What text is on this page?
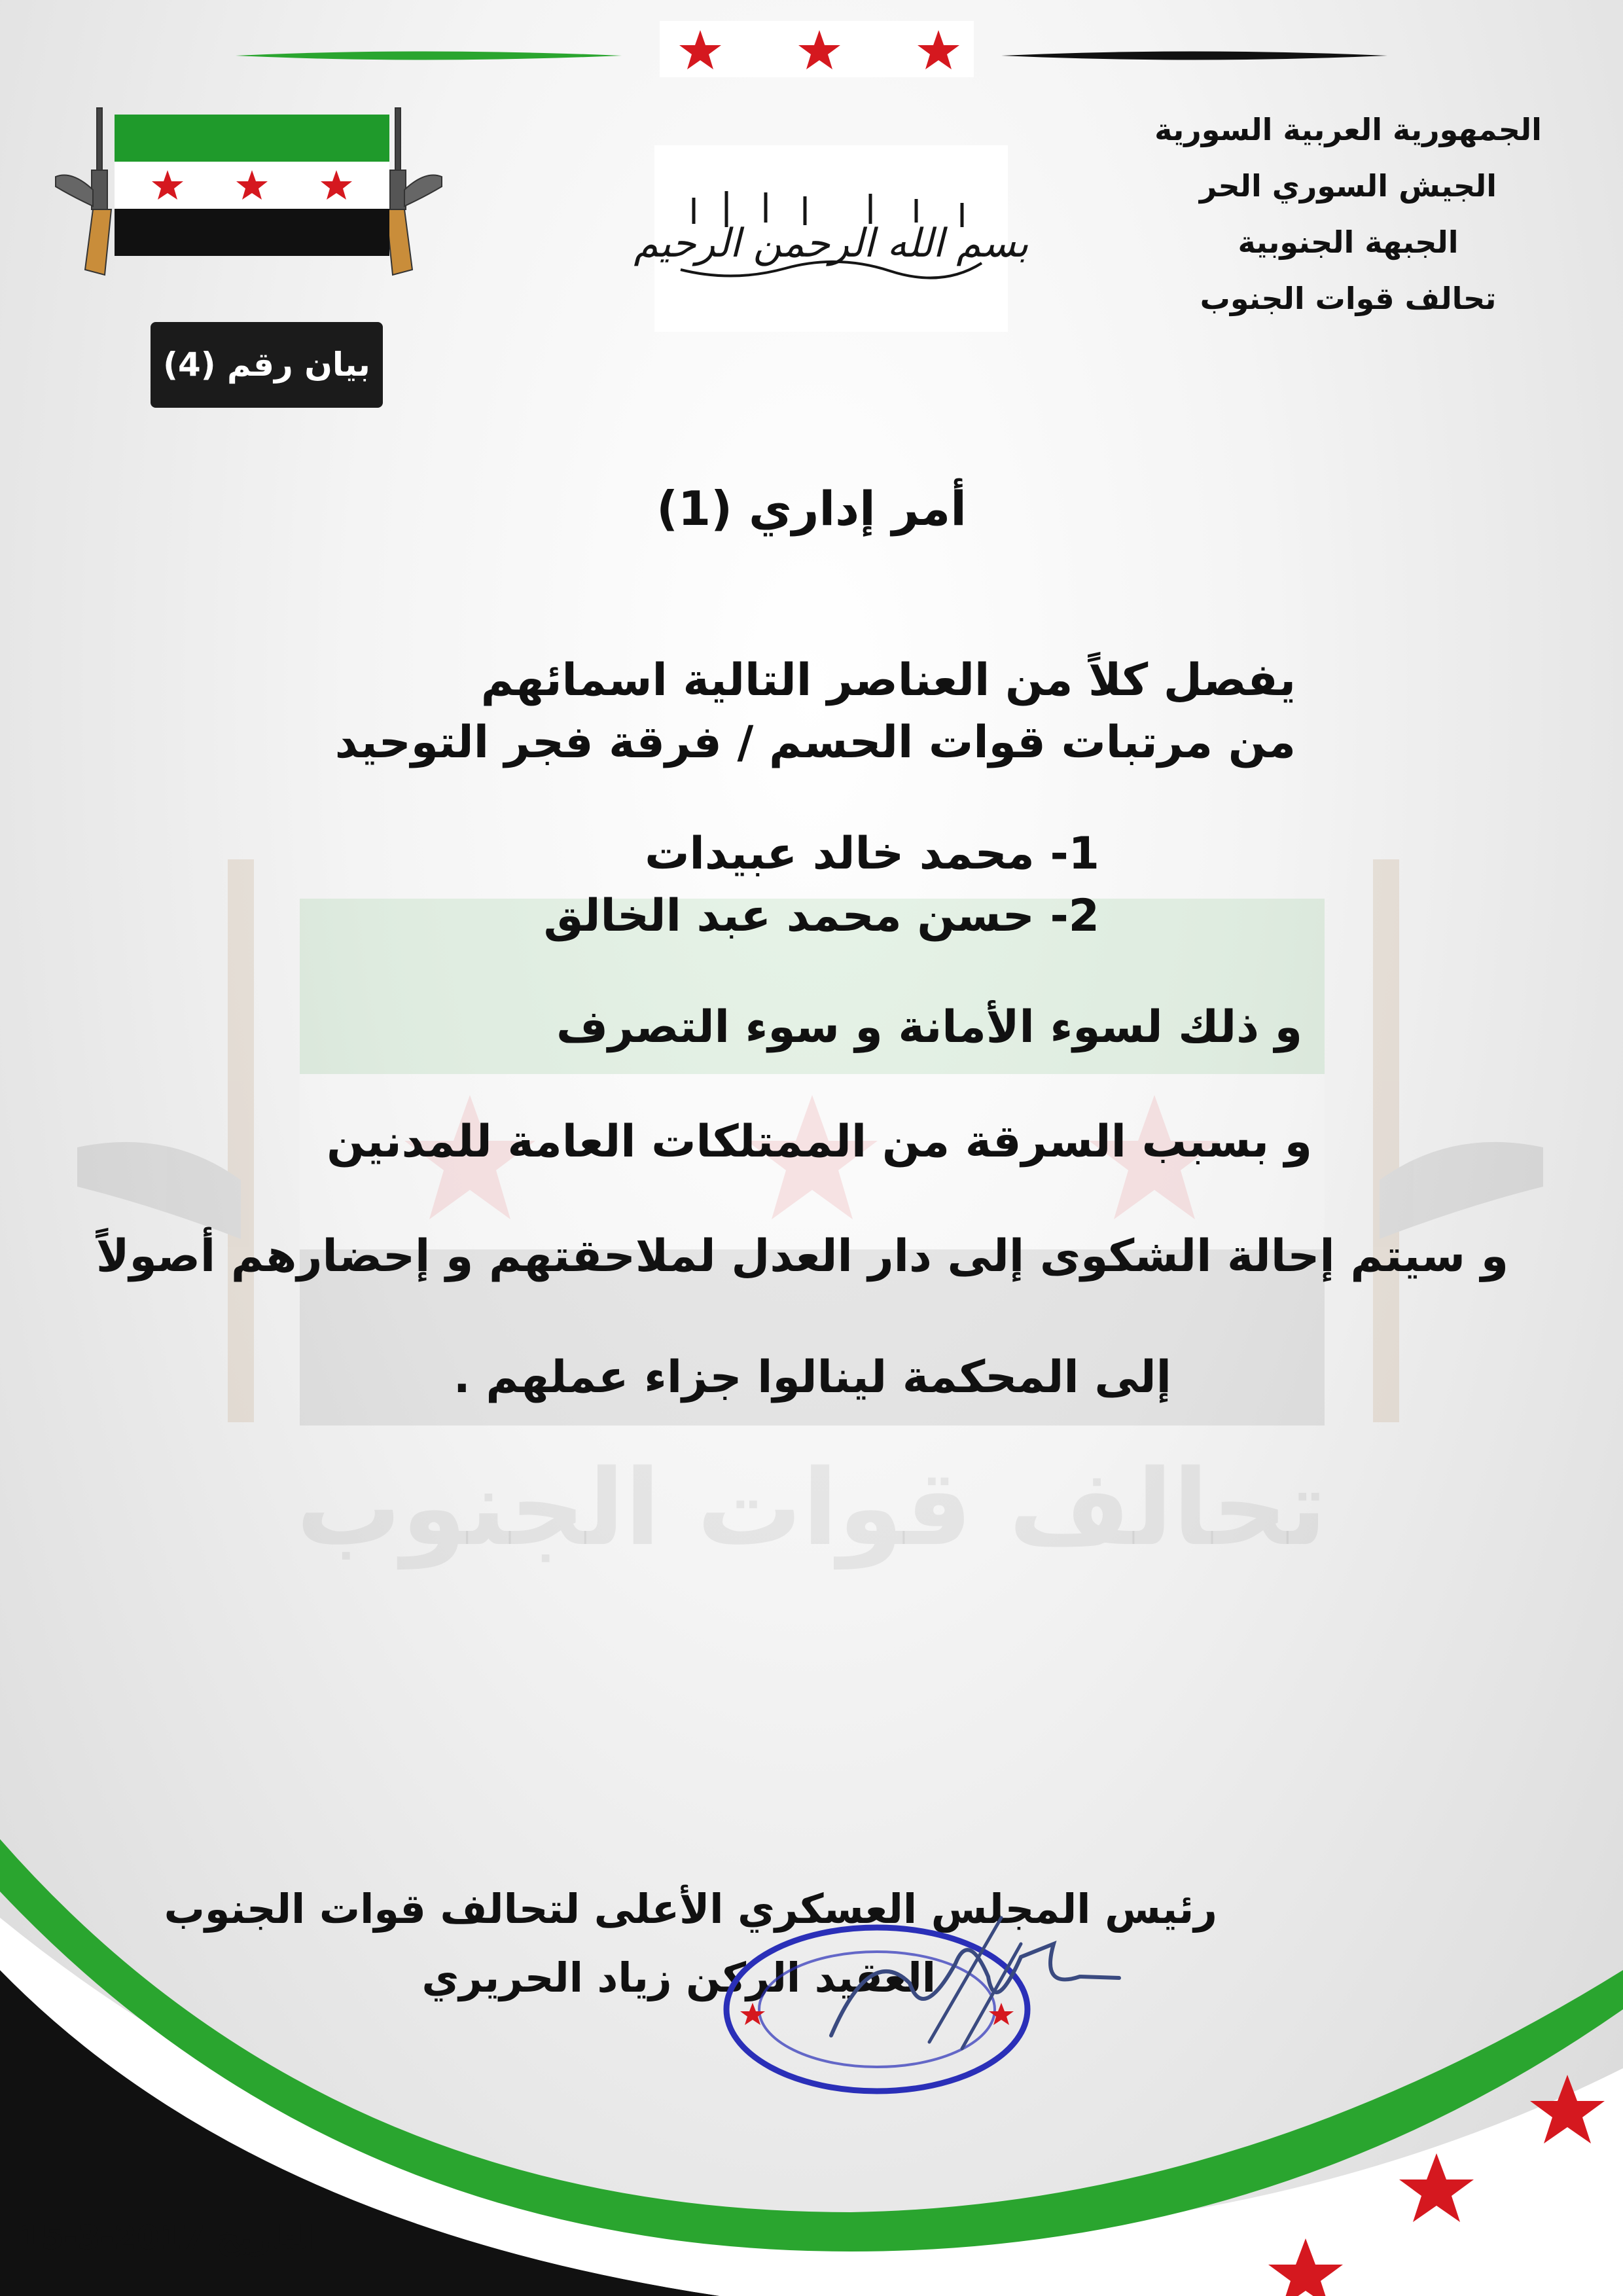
الجمهورية العربية السورية
الجيش السوري الحر
الجبهة الجنوبية
تحالف قوات الجنوب
بسم الله الرحمن الرحيم
بيان رقم (4)
تحالف قوات الجنوب
أمر إداري (1)
يفصل كلاً من العناصر التالية اسمائهم
من مرتبات قوات الحسم / فرقة فجر التوحيد
1- محمد خالد عبيدات
2- حسن محمد عبد الخالق
و ذلك لسوء الأمانة و سوء التصرف
و بسبب السرقة من الممتلكات العامة للمدنين
و سيتم إحالة الشكوى إلى دار العدل لملاحقتهم و إحضارهم أصولاً
إلى المحكمة لينالوا جزاء عملهم .
رئيس المجلس العسكري الأعلى لتحالف قوات الجنوب
العقيد الركن زياد الحريري
التاريخ 2017-3-15
